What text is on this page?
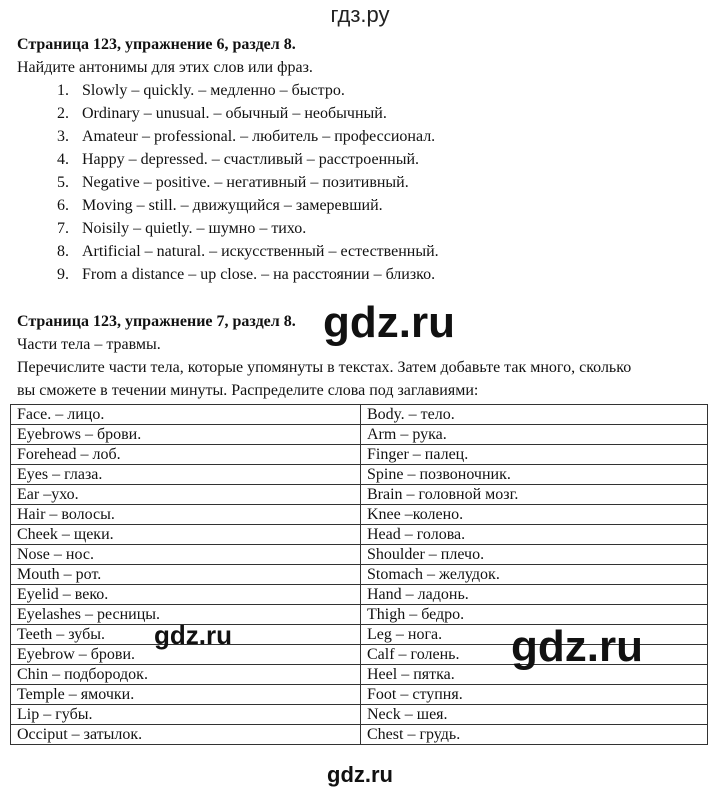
гдз.ру
Страница 123, упражнение 6, раздел 8.
Найдите антонимы для этих слов или фраз.
1 .	Slowly – quickly. – медленно – быстро.
2 .	Ordinary – unusual. – обычный – необычный.
3 .	Amateur – professional. – любитель – профессионал.
4 .	Happy – depressed. – счастливый – расстроенный.
5 .	Negative – positive. – негативный – позитивный.
6 .	Moving – still. – движущийся – замеревший.
7 .	Noisily – quietly. – шумно – тихо.
8 .	Artificial – natural. – искусственный – естественный.
9 .	From a distance – up close. – на расстоянии – близко.
Страница 123, упражнение 7, раздел 8.
Части тела – травмы.
Перечислите части тела, которые упомянуты в текстах. Затем добавьте так много, сколько
вы сможете в течении минуты. Распределите слова под заглавиями:
Face. – лицо.	Body. – тело.
Eyebrows – брови.	Arm – рука.
Forehead – лоб.	Finger – палец.
Eyes – глаза.	Spine – позвоночник.
Ear –ухо.	Brain – головной мозг.
Hair – волосы.	Knee –колено.
Cheek – щеки.	Head – голова.
Nose – нос.	Shoulder – плечо.
Mouth – рот.	Stomach – желудок.
Eyelid – веко.	Hand – ладонь.
Eyelashes – ресницы.	Thigh – бедро.
Teeth – зубы.	Leg – нога.
Eyebrow – брови.	Calf – голень.
Chin – подбородок.	Heel – пятка.
Temple – ямочки.	Foot – ступня.
Lip – губы.	Neck – шея.
Occiput – затылок.	Chest – грудь.
gdz.ru
gdz.ru	gdz.ru
gdz.ru
